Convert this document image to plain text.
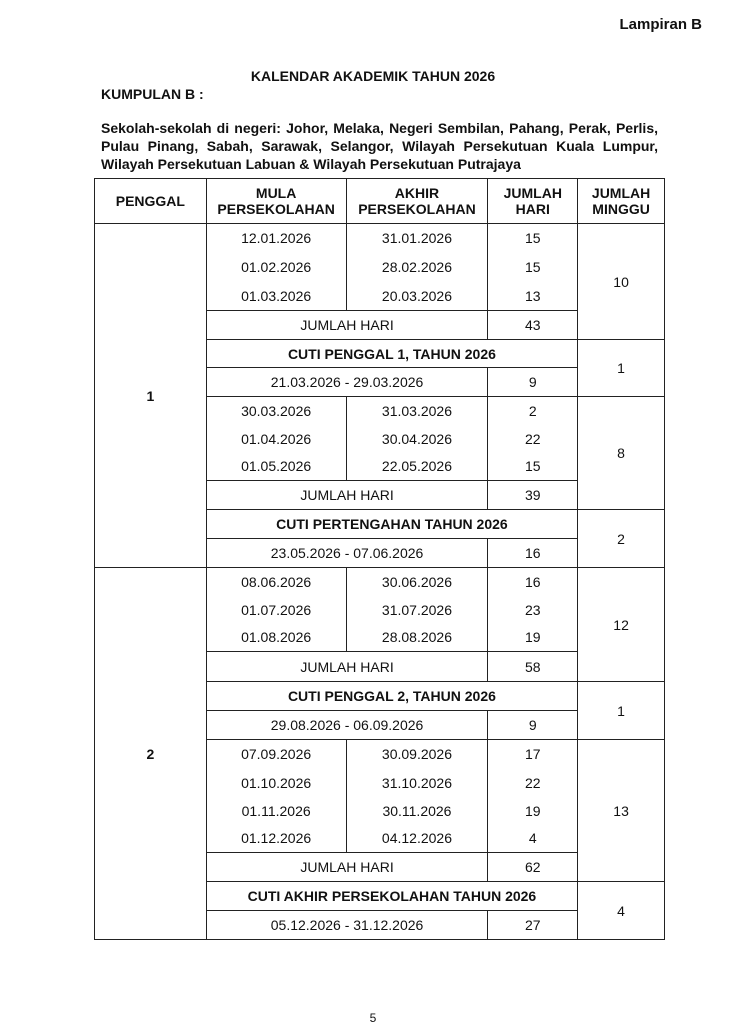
Lampiran B
KALENDAR AKADEMIK TAHUN 2026
KUMPULAN B :
Sekolah-sekolah di negeri: Johor, Melaka, Negeri Sembilan, Pahang, Perak, Perlis, Pulau Pinang, Sabah, Sarawak, Selangor, Wilayah Persekutuan Kuala Lumpur, Wilayah Persekutuan Labuan & Wilayah Persekutuan Putrajaya
PENGGAL	MULA PERSEKOLAHAN	AKHIR PERSEKOLAHAN	JUMLAH HARI	JUMLAH MINGGU
1	12.01.2026	31.01.2026	15	10
	01.02.2026	28.02.2026	15	
	01.03.2026	20.03.2026	13	
	JUMLAH HARI		43	
	CUTI PENGGAL 1, TAHUN 2026			1
	21.03.2026 - 29.03.2026		9	
	30.03.2026	31.03.2026	2	8
	01.04.2026	30.04.2026	22	
	01.05.2026	22.05.2026	15	
	JUMLAH HARI		39	
	CUTI PERTENGAHAN TAHUN 2026			2
	23.05.2026 - 07.06.2026		16	
2	08.06.2026	30.06.2026	16	12
	01.07.2026	31.07.2026	23	
	01.08.2026	28.08.2026	19	
	JUMLAH HARI		58	
	CUTI PENGGAL 2, TAHUN 2026			1
	29.08.2026 - 06.09.2026		9	
	07.09.2026	30.09.2026	17	13
	01.10.2026	31.10.2026	22	
	01.11.2026	30.11.2026	19	
	01.12.2026	04.12.2026	4	
	JUMLAH HARI		62	
	CUTI AKHIR PERSEKOLAHAN TAHUN 2026			4
	05.12.2026 - 31.12.2026		27	
5
